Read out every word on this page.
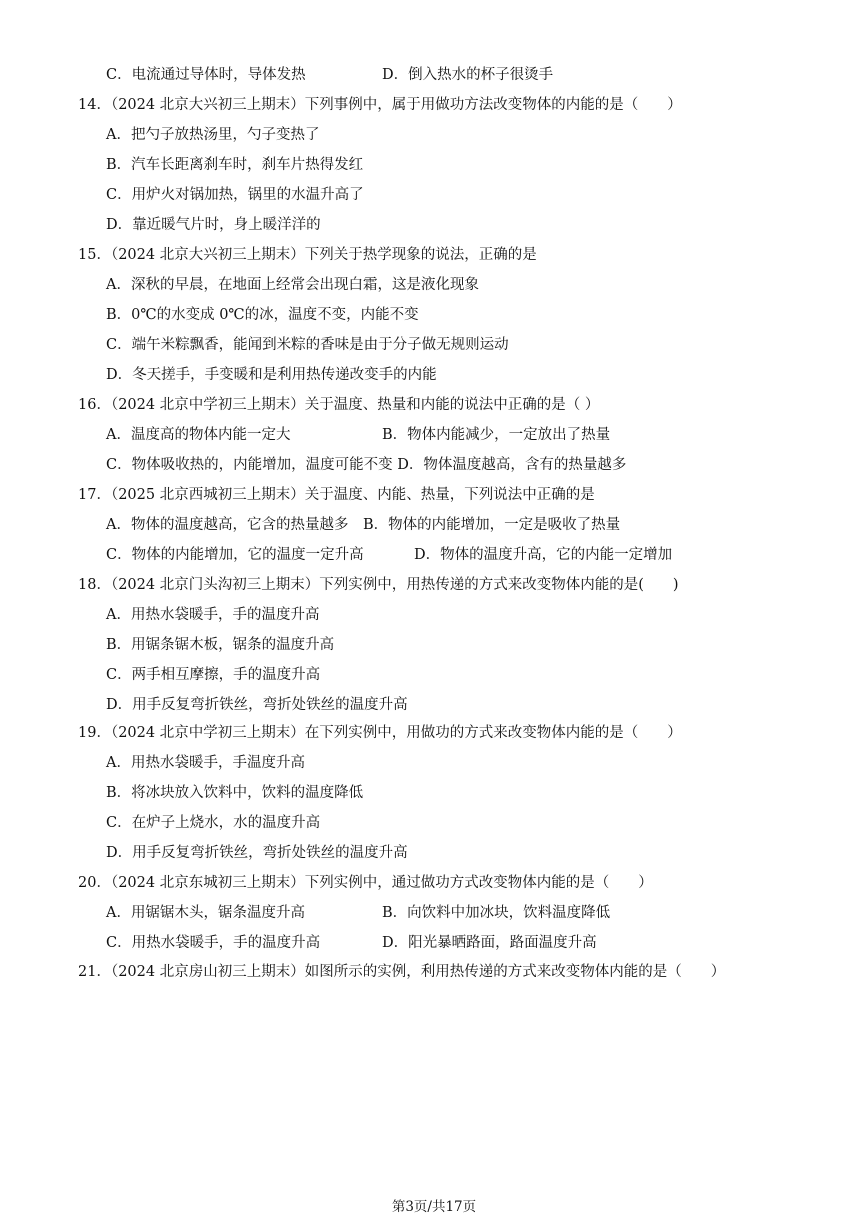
C．电流通过导体时，导体发热	D．倒入热水的杯子很烫手
14．（2024 北京大兴初三上期末）下列事例中，属于用做功方法改变物体的内能的是（　　）
A．把勺子放热汤里，勺子变热了
B．汽车长距离刹车时，刹车片热得发红
C．用炉火对锅加热，锅里的水温升高了
D．靠近暖气片时，身上暖洋洋的
15．（2024 北京大兴初三上期末）下列关于热学现象的说法，正确的是
A．深秋的早晨，在地面上经常会出现白霜，这是液化现象
B．0℃的水变成 0℃的冰，温度不变，内能不变
C．端午米粽飘香，能闻到米粽的香味是由于分子做无规则运动
D．冬天搓手，手变暖和是利用热传递改变手的内能
16．（2024 北京中学初三上期末）关于温度、热量和内能的说法中正确的是（ ）
A．温度高的物体内能一定大	B．物体内能减少，一定放出了热量
C．物体吸收热的，内能增加，温度可能不变 D．物体温度越高，含有的热量越多
17．（2025 北京西城初三上期末）关于温度、内能、热量，下列说法中正确的是
A．物体的温度越高，它含的热量越多　B．物体的内能增加，一定是吸收了热量
C．物体的内能增加，它的温度一定升高	D．物体的温度升高，它的内能一定增加
18．（2024 北京门头沟初三上期末）下列实例中，用热传递的方式来改变物体内能的是(　　)
A．用热水袋暖手，手的温度升高
B．用锯条锯木板，锯条的温度升高
C．两手相互摩擦，手的温度升高
D．用手反复弯折铁丝，弯折处铁丝的温度升高
19．（2024 北京中学初三上期末）在下列实例中，用做功的方式来改变物体内能的是（　　）
A．用热水袋暖手，手温度升高
B．将冰块放入饮料中，饮料的温度降低
C．在炉子上烧水，水的温度升高
D．用手反复弯折铁丝，弯折处铁丝的温度升高
20．（2024 北京东城初三上期末）下列实例中，通过做功方式改变物体内能的是（　　）
A．用锯锯木头，锯条温度升高	B．向饮料中加冰块，饮料温度降低
C．用热水袋暖手，手的温度升高	D．阳光暴晒路面，路面温度升高
21．（2024 北京房山初三上期末）如图所示的实例，利用热传递的方式来改变物体内能的是（　　）
第3页/共17页
